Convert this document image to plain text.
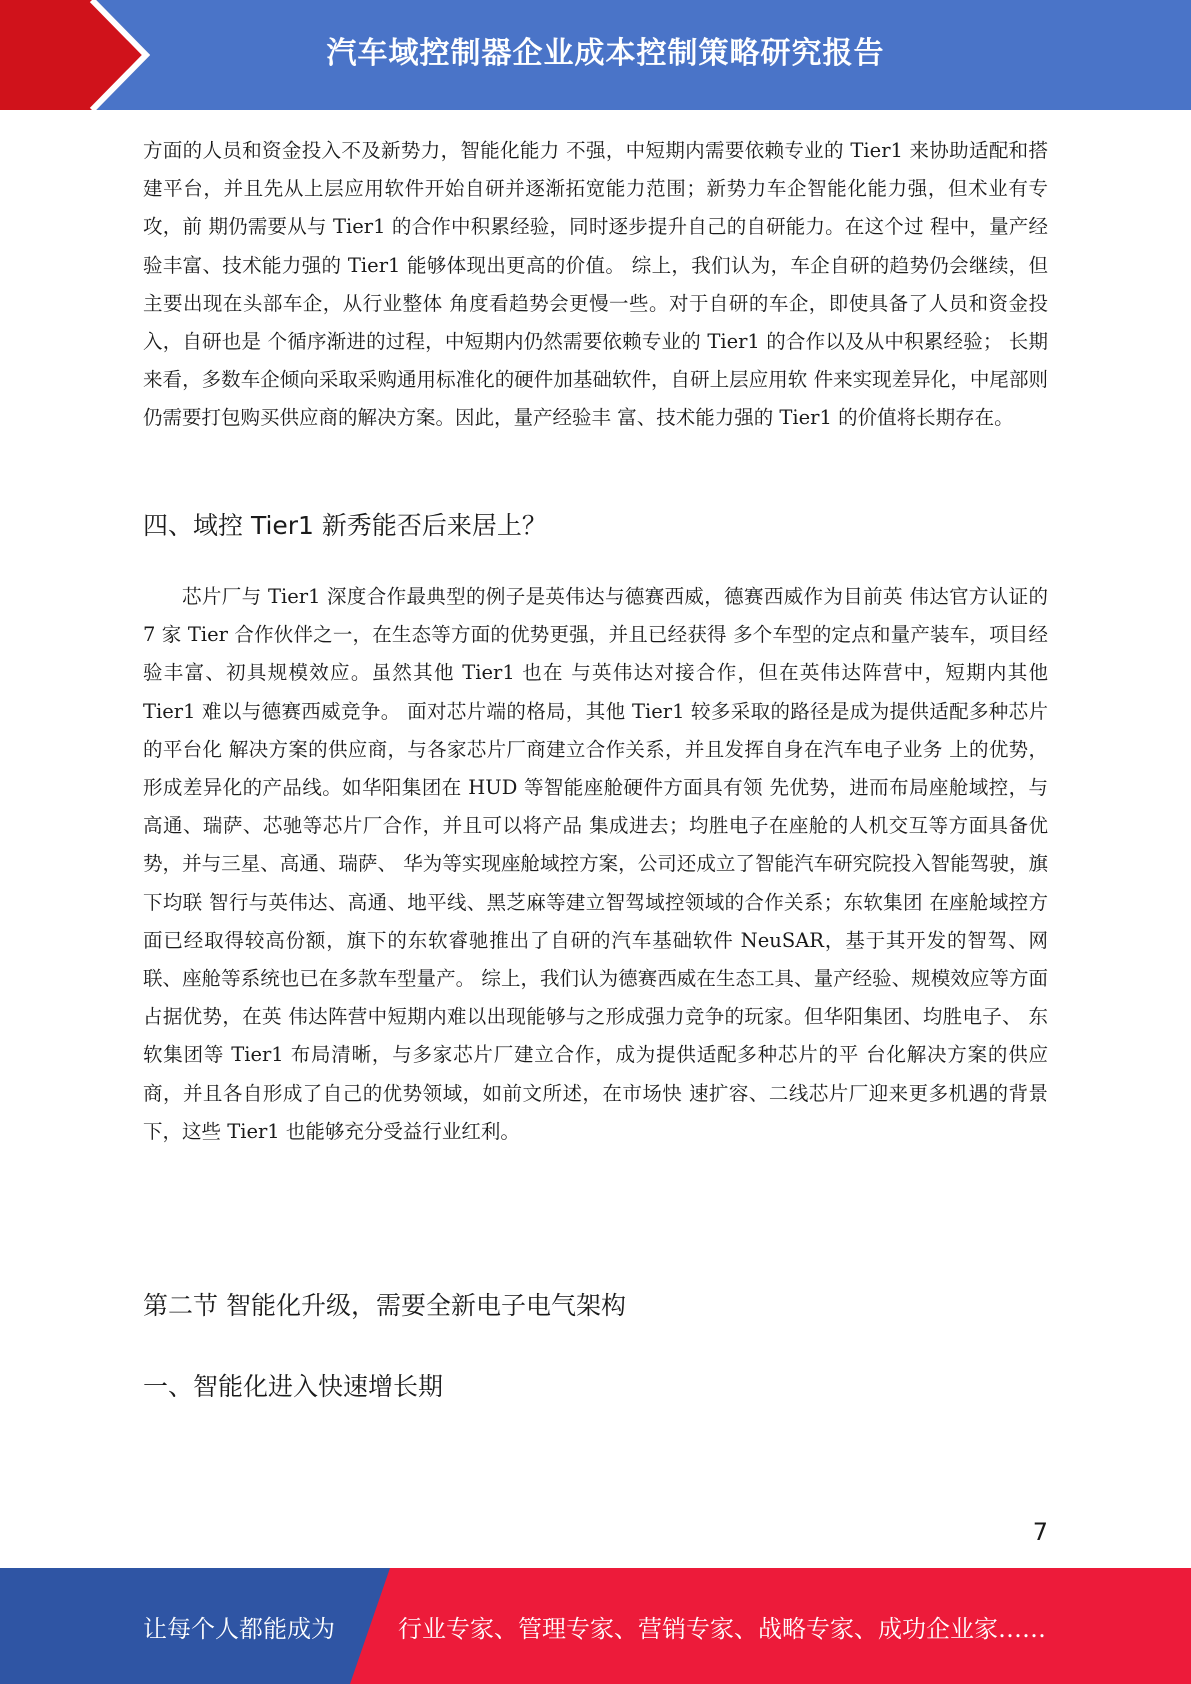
汽车域控制器企业成本控制策略研究报告

方面的人员和资金投入不及新势力，智能化能力 不强，中短期内需要依赖专业的 Tier1 来协助适配和搭建平台，并且先从上层应用软件开始自研并逐渐拓宽能力范围；新势力车企智能化能力强，但术业有专攻，前 期仍需要从与 Tier1 的合作中积累经验，同时逐步提升自己的自研能力。在这个过 程中，量产经验丰富、技术能力强的 Tier1 能够体现出更高的价值。 综上，我们认为，车企自研的趋势仍会继续，但主要出现在头部车企，从行业整体 角度看趋势会更慢一些。对于自研的车企，即使具备了人员和资金投入，自研也是 个循序渐进的过程，中短期内仍然需要依赖专业的 Tier1 的合作以及从中积累经验； 长期来看，多数车企倾向采取采购通用标准化的硬件加基础软件，自研上层应用软 件来实现差异化，中尾部则仍需要打包购买供应商的解决方案。因此，量产经验丰 富、技术能力强的 Tier1 的价值将长期存在。

四、域控 Tier1 新秀能否后来居上？

芯片厂与 Tier1 深度合作最典型的例子是英伟达与德赛西威，德赛西威作为目前英 伟达官方认证的 7 家 Tier 合作伙伴之一，在生态等方面的优势更强，并且已经获得 多个车型的定点和量产装车，项目经验丰富、初具规模效应。虽然其他 Tier1 也在 与英伟达对接合作，但在英伟达阵营中，短期内其他 Tier1 难以与德赛西威竞争。 面对芯片端的格局，其他 Tier1 较多采取的路径是成为提供适配多种芯片的平台化 解决方案的供应商，与各家芯片厂商建立合作关系，并且发挥自身在汽车电子业务 上的优势，形成差异化的产品线。如华阳集团在 HUD 等智能座舱硬件方面具有领 先优势，进而布局座舱域控，与高通、瑞萨、芯驰等芯片厂合作，并且可以将产品 集成进去；均胜电子在座舱的人机交互等方面具备优势，并与三星、高通、瑞萨、 华为等实现座舱域控方案，公司还成立了智能汽车研究院投入智能驾驶，旗下均联 智行与英伟达、高通、地平线、黑芝麻等建立智驾域控领域的合作关系；东软集团 在座舱域控方面已经取得较高份额，旗下的东软睿驰推出了自研的汽车基础软件 NeuSAR，基于其开发的智驾、网联、座舱等系统也已在多款车型量产。 综上，我们认为德赛西威在生态工具、量产经验、规模效应等方面占据优势，在英 伟达阵营中短期内难以出现能够与之形成强力竞争的玩家。但华阳集团、均胜电子、 东软集团等 Tier1 布局清晰，与多家芯片厂建立合作，成为提供适配多种芯片的平 台化解决方案的供应商，并且各自形成了自己的优势领域，如前文所述，在市场快 速扩容、二线芯片厂迎来更多机遇的背景下，这些 Tier1 也能够充分受益行业红利。

第二节 智能化升级，需要全新电子电气架构
一、智能化进入快速增长期
7
让每个人都能成为	行业专家、管理专家、营销专家、战略专家、成功企业家……
